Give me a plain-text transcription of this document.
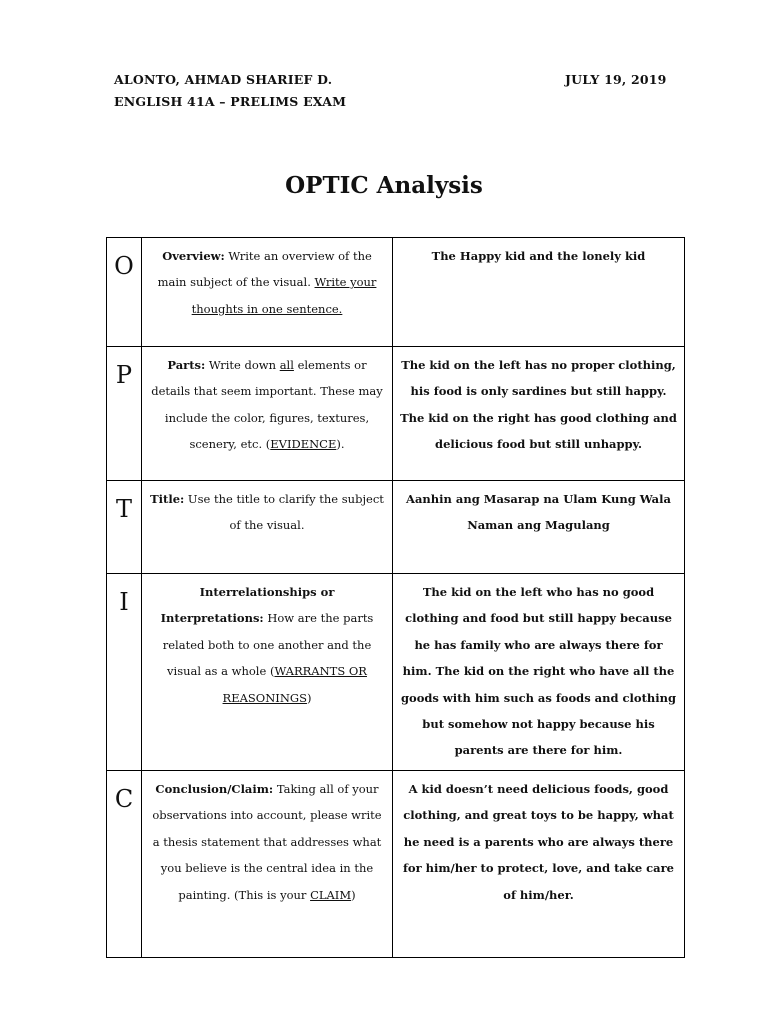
ALONTO, AHMAD SHARIEF D.
ENGLISH 41A – PRELIMS EXAM
JULY 19, 2019
OPTIC Analysis
O	Overview: Write an overview of the main subject of the visual. Write your thoughts in one sentence.	The Happy kid and the lonely kid
P	Parts: Write down all elements or details that seem important. These may include the color, figures, textures, scenery, etc. (EVIDENCE).	The kid on the left has no proper clothing, his food is only sardines but still happy. The kid on the right has good clothing and delicious food but still unhappy.
T	Title: Use the title to clarify the subject of the visual.	Aanhin ang Masarap na Ulam Kung Wala Naman ang Magulang
I	Interrelationships or Interpretations: How are the parts related both to one another and the visual as a whole (WARRANTS OR REASONINGS)	The kid on the left who has no good clothing and food but still happy because he has family who are always there for him. The kid on the right who have all the goods with him such as foods and clothing but somehow not happy because his parents are there for him.
C	Conclusion/Claim: Taking all of your observations into account, please write a thesis statement that addresses what you believe is the central idea in the painting. (This is your CLAIM)	A kid doesn’t need delicious foods, good clothing, and great toys to be happy, what he need is a parents who are always there for him/her to protect, love, and take care of him/her.
